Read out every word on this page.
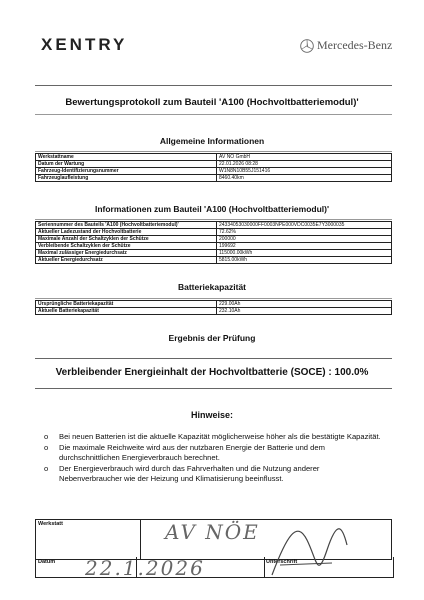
XENTRY	Mercedes-Benz
Bewertungsprotokoll zum Bauteil 'A100 (Hochvoltbatteriemodul)'
Allgemeine Informationen
Werkstattname	AV NÖ GmbH
Datum der Wartung	22.01.2026 08:28
Fahrzeug-Identifizierungsnummer	W1N8N10B55J151416
Fahrzeuglaufleistung	8460.40km
Informationen zum Bauteil 'A100 (Hochvoltbatteriemodul)'
Seriennummer des Bauteils 'A100 (Hochvoltbatteriemodul)'	24334053030000FF0003NPE000VDC0035E7Y3000035
Aktueller Ladezustand der Hochvoltbatterie	72.62%
Maximale Anzahl der Schaltzyklen der Schütze	200000
Verbleibende Schaltzyklen der Schütze	199692
Maximal zulässiger Energiedurchsatz	115000.00kWh
Aktueller Energiedurchsatz	5815.00kWh
Batteriekapazität
Ursprüngliche Batteriekapazität	229.00Ah
Aktuelle Batteriekapazität	232.10Ah
Ergebnis der Prüfung
Verbleibender Energieinhalt der Hochvoltbatterie (SOCE) : 100.0%
Hinweise:
o Bei neuen Batterien ist die aktuelle Kapazität möglicherweise höher als die bestätigte Kapazität.
o Die maximale Reichweite wird aus der nutzbaren Energie der Batterie und dem durchschnittlichen Energieverbrauch berechnet.
o Der Energieverbrauch wird durch das Fahrverhalten und die Nutzung anderer Nebenverbraucher wie der Heizung und Klimatisierung beeinflusst.
Werkstatt	
Datum	Unterschrift
AV NÖE
22.1.2026
